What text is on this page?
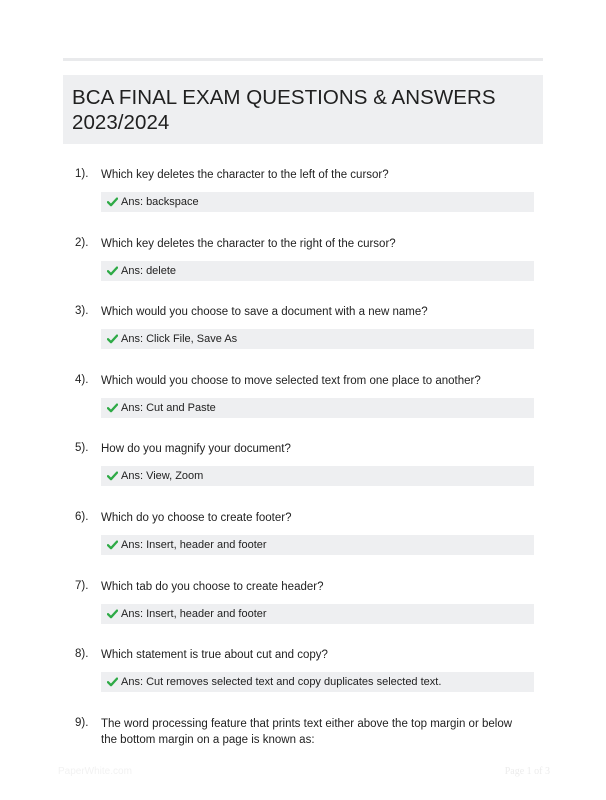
BCA FINAL EXAM QUESTIONS & ANSWERS
2023/2024
1). Which key deletes the character to the left of the cursor?
Ans: backspace
2). Which key deletes the character to the right of the cursor?
Ans: delete
3). Which would you choose to save a document with a new name?
Ans: Click File, Save As
4). Which would you choose to move selected text from one place to another?
Ans: Cut and Paste
5). How do you magnify your document?
Ans: View, Zoom
6). Which do yo choose to create footer?
Ans: Insert, header and footer
7). Which tab do you choose to create header?
Ans: Insert, header and footer
8). Which statement is true about cut and copy?
Ans: Cut removes selected text and copy duplicates selected text.
9). The word processing feature that prints text either above the top margin or below the bottom margin on a page is known as:
PaperWhite.com	Page 1 of 3
